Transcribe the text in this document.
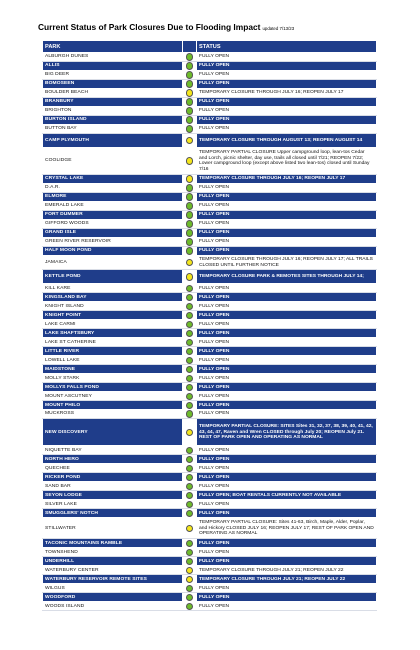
Current Status of Park Closures Due to Flooding Impact updated 7/13/23
PARK		STATUS
ALBURGH DUNES		FULLY OPEN
ALLIS		FULLY OPEN
BIG DEER		FULLY OPEN
BOMOSEEN		FULLY OPEN
BOULDER BEACH		TEMPORARY CLOSURE THROUGH JULY 16; REOPEN JULY 17
BRANBURY		FULLY OPEN
BRIGHTON		FULLY OPEN
BURTON ISLAND		FULLY OPEN
BUTTON BAY		FULLY OPEN
CAMP PLYMOUTH		TEMPORARY CLOSURE THROUGH AUGUST 13; REOPEN AUGUST 14
COOLIDGE		TEMPORARY PARTIAL CLOSURE Upper campground loop, lean-tos Cedar and Lorch, picnic shelter, day use, trails all closed until 7/21; REOPEN 7/22; Lower campground loop (except above listed two lean-tos) closed until Sunday 7/16
CRYSTAL LAKE		TEMPORARY CLOSURE THROUGH JULY 16; REOPEN JULY 17
D.A.R.		FULLY OPEN
ELMORE		FULLY OPEN
EMERALD LAKE		FULLY OPEN
FORT DUMMER		FULLY OPEN
GIFFORD WOODS		FULLY OPEN
GRAND ISLE		FULLY OPEN
GREEN RIVER RESERVOIR		FULLY OPEN
HALF MOON POND		FULLY OPEN
JAMAICA		TEMPORARY CLOSURE THROUGH JULY 16; REOPEN JULY 17; ALL TRAILS CLOSED UNTIL FURTHER NOTICE
KETTLE POND		TEMPORARY CLOSURE PARK & REMOTES SITES THROUGH JULY 14;
KILL KARE		FULLY OPEN
KINGSLAND BAY		FULLY OPEN
KNIGHT ISLAND		FULLY OPEN
KNIGHT POINT		FULLY OPEN
LAKE CARMI		FULLY OPEN
LAKE SHAFTSBURY		FULLY OPEN
LAKE ST CATHERINE		FULLY OPEN
LITTLE RIVER		FULLY OPEN
LOWELL LAKE		FULLY OPEN
MAIDSTONE		FULLY OPEN
MOLLY STARK		FULLY OPEN
MOLLYS FALLS POND		FULLY OPEN
MOUNT ASCUTNEY		FULLY OPEN
MOUNT PHILO		FULLY OPEN
MUCKROSS		FULLY OPEN
NEW DISCOVERY		TEMPORARY PARTIAL CLOSURE: SITES Sites 31, 32, 37, 38, 39, 40, 41, 42, 43, 44, 47, Raven and Wren CLOSED through July 20; REOPEN July 21. REST OF PARK OPEN AND OPERATING AS NORMAL
NIQUETTE BAY		FULLY OPEN
NORTH HERO		FULLY OPEN
QUECHEE		FULLY OPEN
RICKER POND		FULLY OPEN
SAND BAR		FULLY OPEN
SEYON LODGE		FULLY OPEN; BOAT RENTALS CURRENTLY NOT AVAILABLE
SILVER LAKE		FULLY OPEN
SMUGGLERS' NOTCH		FULLY OPEN
STILLWATER		TEMPORARY PARTIAL CLOSURE: Sites 41-63, Birch, Maple, Alder, Poplar, and Hickory CLOSED JULY 16; REOPEN JULY 17; REST OF PARK OPEN AND OPERATING AS NORMAL
TACONIC MOUNTAINS RAMBLE		FULLY OPEN
TOWNSHEND		FULLY OPEN
UNDERHILL		FULLY OPEN
WATERBURY CENTER		TEMPORARY CLOSURE THROUGH JULY 21; REOPEN JULY 22
WATERBURY RESERVOIR REMOTE SITES		TEMPORARY CLOSURE THROUGH JULY 21; REOPEN JULY 22
WILGUS		FULLY OPEN
WOODFORD		FULLY OPEN
WOODS ISLAND		FULLY OPEN
